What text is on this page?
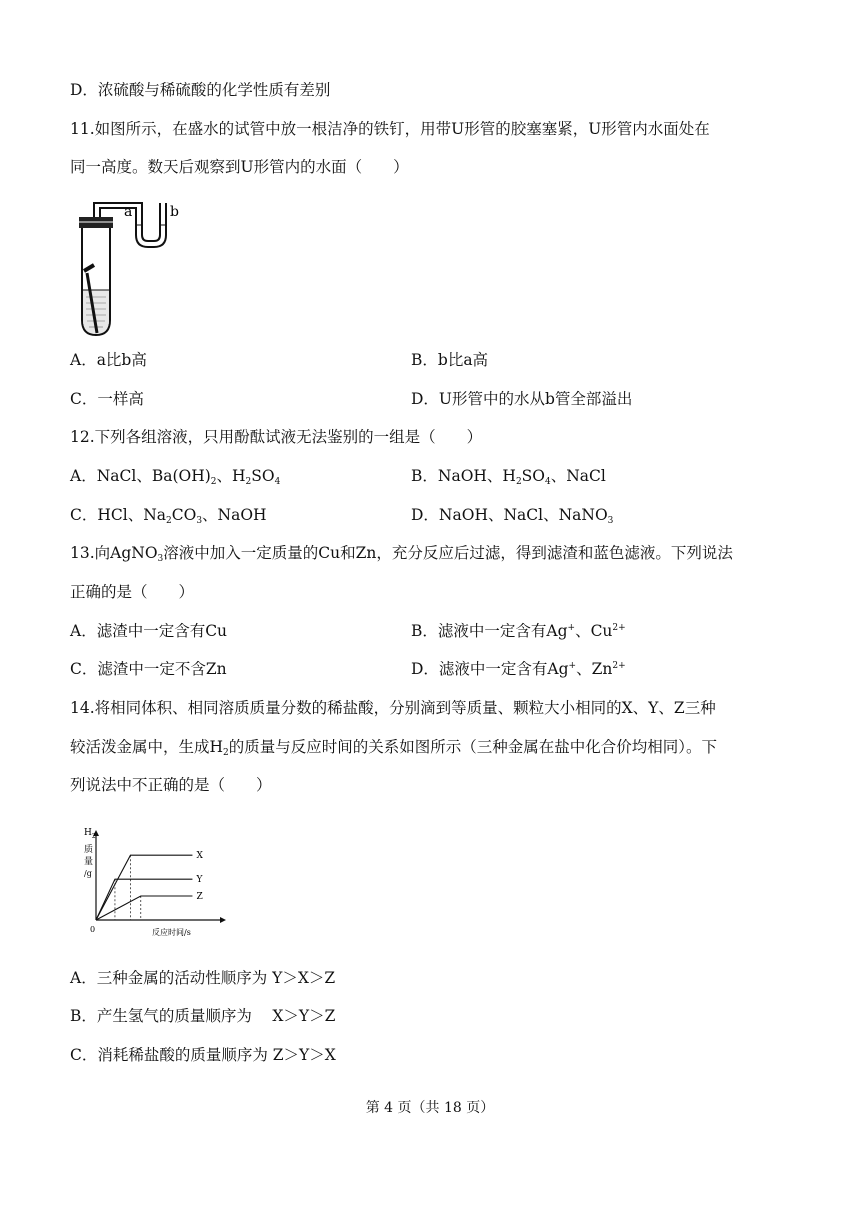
D．浓硫酸与稀硫酸的化学性质有差别
11.如图所示，在盛水的试管中放一根洁净的铁钉，用带U形管的胶塞塞紧，U形管内水面处在
同一高度。数天后观察到U形管内的水面（　　）
a	b
A．a比b高	B．b比a高
C．一样高	D．U形管中的水从b管全部溢出
12.下列各组溶液，只用酚酞试液无法鉴别的一组是（　　）
A．NaCl、$Ba(OH)_2$、$H_2SO_4$	B．NaOH、$H_2SO_4$、NaCl
C．HCl、$Na_2CO_3$、NaOH	D．NaOH、NaCl、NaNO$_3$
13.向AgNO$_3$溶液中加入一定质量的Cu和Zn，充分反应后过滤，得到滤渣和蓝色滤液。下列说法
正确的是（　　）
A．滤渣中一定含有Cu	B．滤液中一定含有Ag+、$Cu^{2+}$
C．滤渣中一定不含Zn	D．滤液中一定含有Ag+、$Zn^{2+}$
14.将相同体积、相同溶质质量分数的稀盐酸，分别滴到等质量、颗粒大小相同的X、Y、Z三种
较活泼金属中，生成$H_2$的质量与反应时间的关系如图所示（三种金属在盐中化合价均相同）。下
列说法中不正确的是（　　）
$H_2$
质
量
/g
0	反应时间/s
X
Y
Z
A．三种金属的活动性顺序为 Y＞X＞Z
B．产生氢气的质量顺序为　 X＞Y＞Z
C．消耗稀盐酸的质量顺序为 Z＞Y＞X
第 4 页（共 18 页）
